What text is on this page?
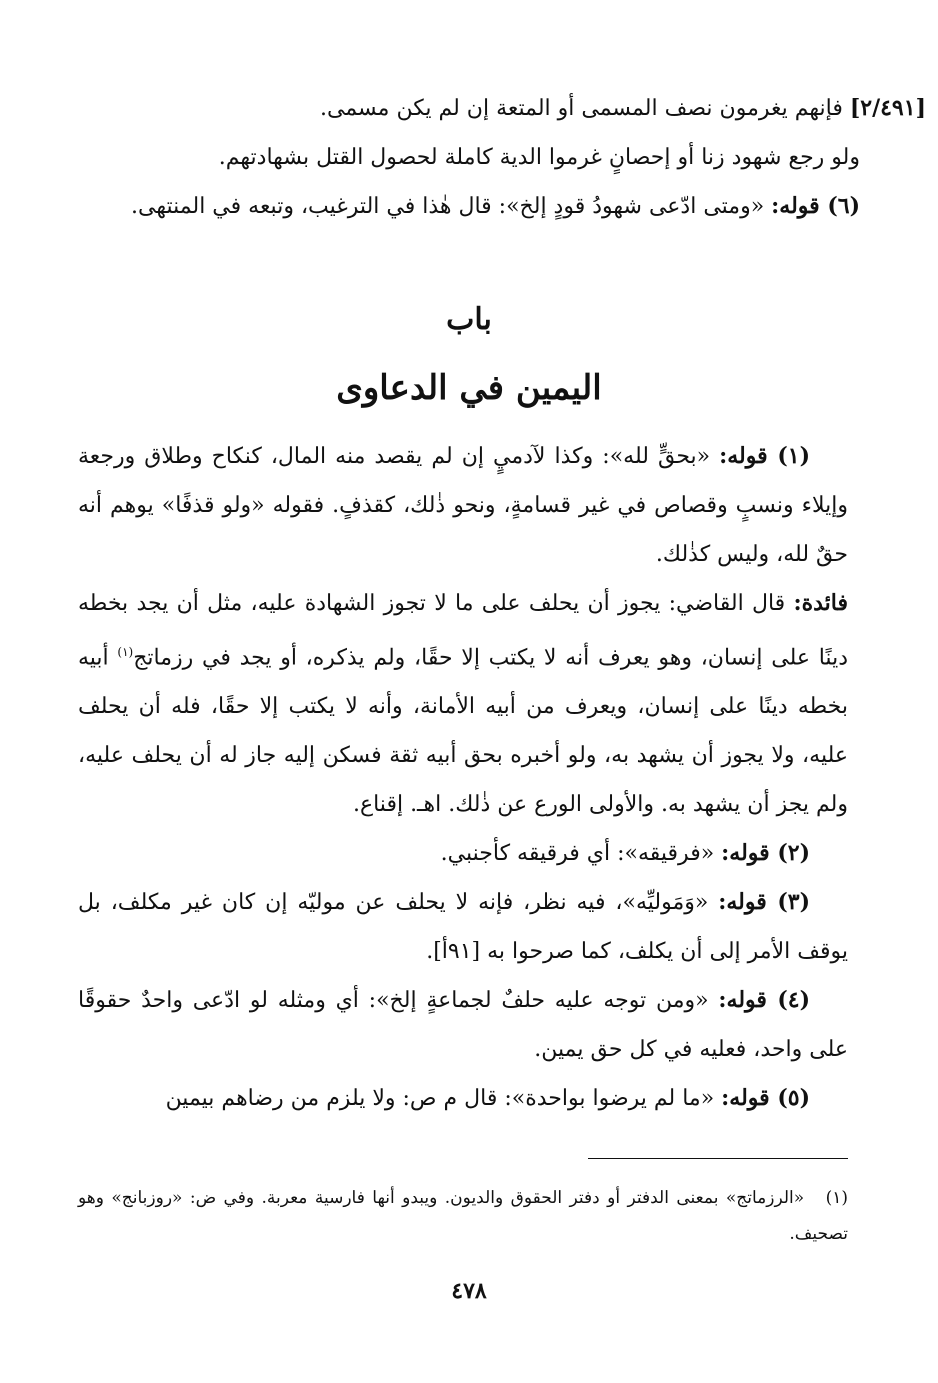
[٢/٤٩١] فإنهم يغرمون نصف المسمى أو المتعة إن لم يكن مسمى.

ولو رجع شهود زنا أو إحصانٍ غرموا الدية كاملة لحصول القتل بشهادتهم.

(٦) قوله: «ومتى ادّعى شهودُ قودٍ إلخ»: قال هٰذا في الترغيب، وتبعه في المنتهى.

باب
اليمين في الدعاوى

(١) قوله: «بحقٍّ لله»: وكذا لآدميٍ إن لم يقصد منه المال، كنكاح وطلاق ورجعة وإيلاء ونسبٍ وقصاص في غير قسامةٍ، ونحو ذٰلك، كقذفٍ. فقوله «ولو قذفًا» يوهم أنه حقٌ لله، وليس كذٰلك.

فائدة: قال القاضي: يجوز أن يحلف على ما لا تجوز الشهادة عليه، مثل أن يجد بخطه دينًا على إنسان، وهو يعرف أنه لا يكتب إلا حقًا، ولم يذكره، أو يجد في رزماتج$^{(١)}$ أبيه بخطه دينًا على إنسان، ويعرف من أبيه الأمانة، وأنه لا يكتب إلا حقًا، فله أن يحلف عليه، ولا يجوز أن يشهد به، ولو أخبره بحق أبيه ثقة فسكن إليه جاز له أن يحلف عليه، ولم يجز أن يشهد به. والأولى الورع عن ذٰلك. اهـ. إقناع.

(٢) قوله: «فرقيقه»: أي فرقيقه كأجنبي.

(٣) قوله: «وَمَوليِّه»، فيه نظر، فإنه لا يحلف عن موليّه إن كان غير مكلف، بل يوقف الأمر إلى أن يكلف، كما صرحوا به [٩١أ].

(٤) قوله: «ومن توجه عليه حلفٌ لجماعةٍ إلخ»: أي ومثله لو ادّعى واحدٌ حقوقًا على واحد، فعليه في كل حق يمين.

(٥) قوله: «ما لم يرضوا بواحدة»: قال م ص: ولا يلزم من رضاهم بيمين

(١) «الرزماتج» بمعنى الدفتر أو دفتر الحقوق والديون. ويبدو أنها فارسية معربة. وفي ض: «روزبانج» وهو تصحيف.
٤٧٨
